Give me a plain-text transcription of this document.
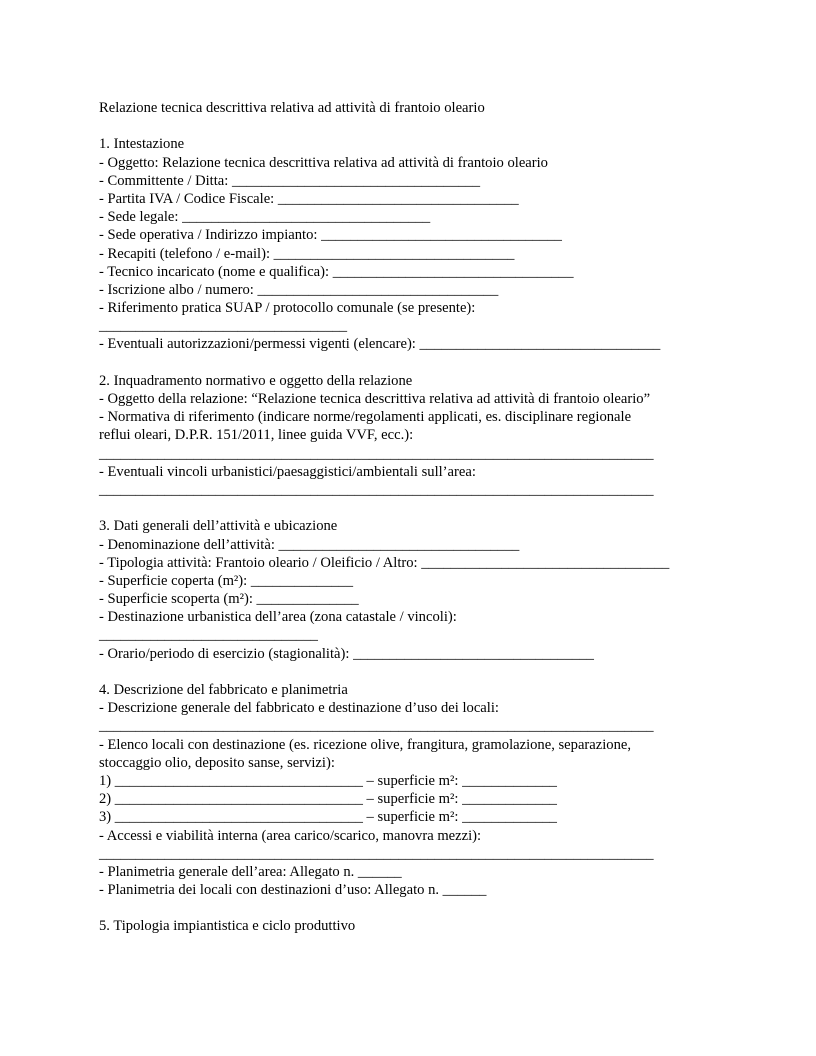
Relazione tecnica descrittiva relativa ad attività di frantoio oleario
1. Intestazione
- Oggetto: Relazione tecnica descrittiva relativa ad attività di frantoio oleario
- Committente / Ditta: __________________________________
- Partita IVA / Codice Fiscale: _________________________________
- Sede legale: __________________________________
- Sede operativa / Indirizzo impianto: _________________________________
- Recapiti (telefono / e-mail): _________________________________
- Tecnico incaricato (nome e qualifica): _________________________________
- Iscrizione albo / numero: _________________________________
- Riferimento pratica SUAP / protocollo comunale (se presente):
__________________________________
- Eventuali autorizzazioni/permessi vigenti (elencare): _________________________________
2. Inquadramento normativo e oggetto della relazione
- Oggetto della relazione: “Relazione tecnica descrittiva relativa ad attività di frantoio oleario”
- Normativa di riferimento (indicare norme/regolamenti applicati, es. disciplinare regionale
reflui oleari, D.P.R. 151/2011, linee guida VVF, ecc.):
____________________________________________________________________________
- Eventuali vincoli urbanistici/paesaggistici/ambientali sull’area:
____________________________________________________________________________
3. Dati generali dell’attività e ubicazione
- Denominazione dell’attività: _________________________________
- Tipologia attività: Frantoio oleario / Oleificio / Altro: __________________________________
- Superficie coperta (m²): ______________
- Superficie scoperta (m²): ______________
- Destinazione urbanistica dell’area (zona catastale / vincoli):
______________________________
- Orario/periodo di esercizio (stagionalità): _________________________________
4. Descrizione del fabbricato e planimetria
- Descrizione generale del fabbricato e destinazione d’uso dei locali:
____________________________________________________________________________
- Elenco locali con destinazione (es. ricezione olive, frangitura, gramolazione, separazione,
stoccaggio olio, deposito sanse, servizi):
1) __________________________________ – superficie m²: _____________
2) __________________________________ – superficie m²: _____________
3) __________________________________ – superficie m²: _____________
- Accessi e viabilità interna (area carico/scarico, manovra mezzi):
____________________________________________________________________________
- Planimetria generale dell’area: Allegato n. ______
- Planimetria dei locali con destinazioni d’uso: Allegato n. ______
5. Tipologia impiantistica e ciclo produttivo
